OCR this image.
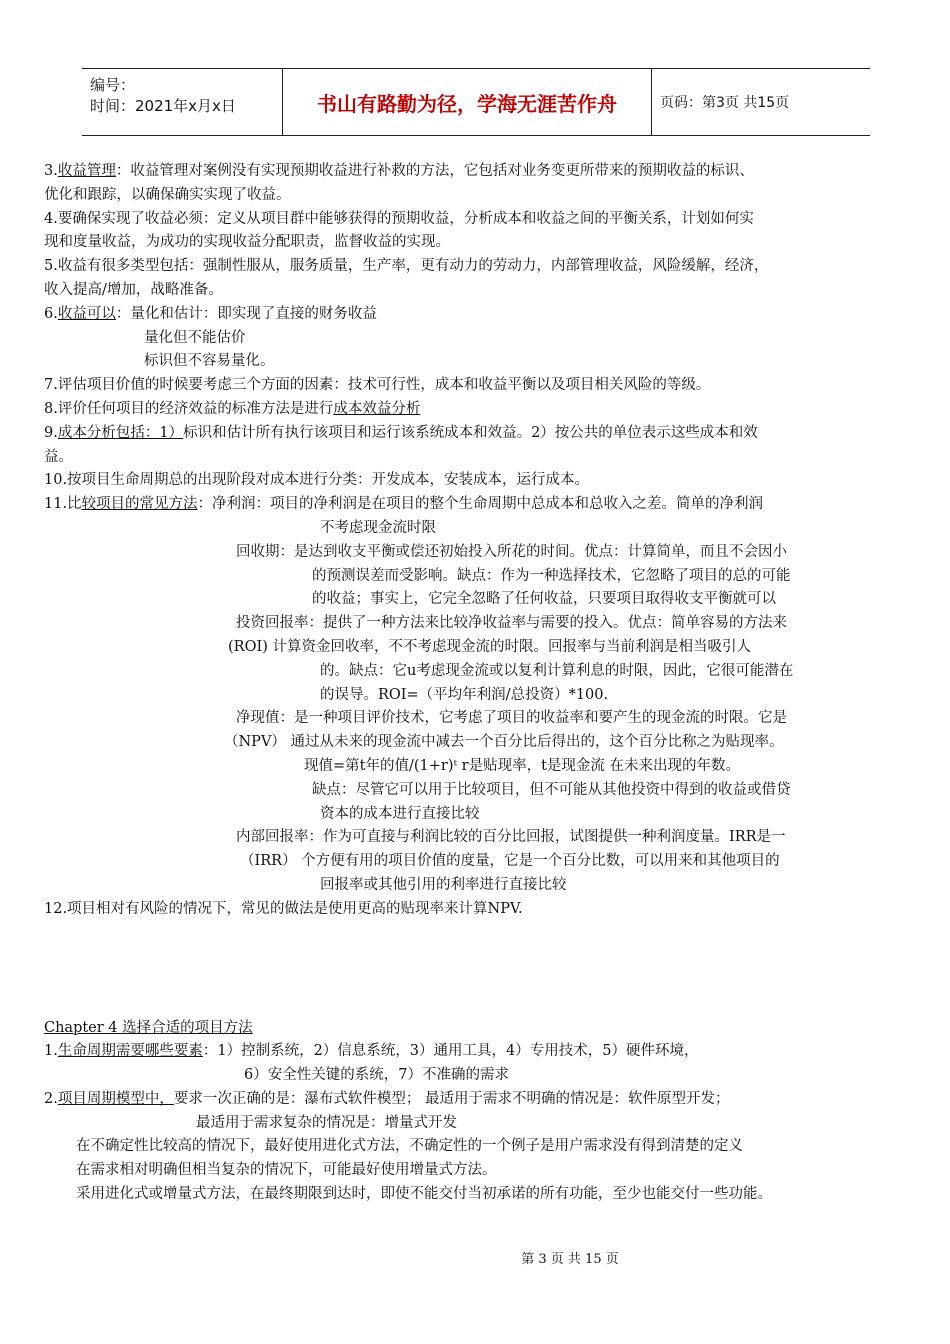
编号：
时间：2021年x月x日	书山有路勤为径，学海无涯苦作舟	页码：第3页 共15页
3.收益管理：收益管理对案例没有实现预期收益进行补救的方法，它包括对业务变更所带来的预期收益的标识、
优化和跟踪，以确保确实实现了收益。
4.要确保实现了收益必须：定义从项目群中能够获得的预期收益，分析成本和收益之间的平衡关系，计划如何实
现和度量收益，为成功的实现收益分配职责，监督收益的实现。
5.收益有很多类型包括：强制性服从，服务质量，生产率，更有动力的劳动力，内部管理收益，风险缓解，经济，
收入提高/增加，战略准备。
6.收益可以：量化和估计：即实现了直接的财务收益
量化但不能估价
标识但不容易量化。
7.评估项目价值的时候要考虑三个方面的因素：技术可行性，成本和收益平衡以及项目相关风险的等级。
8.评价任何项目的经济效益的标准方法是进行成本效益分析
9.成本分析包括：1）标识和估计所有执行该项目和运行该系统成本和效益。2）按公共的单位表示这些成本和效
益。
10.按项目生命周期总的出现阶段对成本进行分类：开发成本，安装成本，运行成本。
11.比较项目的常见方法：净利润：项目的净利润是在项目的整个生命周期中总成本和总收入之差。简单的净利润
不考虑现金流时限
回收期：是达到收支平衡或偿还初始投入所花的时间。优点：计算简单，而且不会因小
的预测误差而受影响。缺点：作为一种选择技术，它忽略了项目的总的可能
的收益；事实上，它完全忽略了任何收益，只要项目取得收支平衡就可以
投资回报率：提供了一种方法来比较净收益率与需要的投入。优点：简单容易的方法来
(ROI) 计算资金回收率，不不考虑现金流的时限。回报率与当前利润是相当吸引人
的。缺点：它u考虑现金流或以复利计算利息的时限，因此，它很可能潜在
的误导。ROI=（平均年利润/总投资）*100.
净现值：是一种项目评价技术，它考虑了项目的收益率和要产生的现金流的时限。它是
（NPV） 通过从未来的现金流中减去一个百分比后得出的，这个百分比称之为贴现率。
现值=第t年的值/(1+r)ᵗ r是贴现率，t是现金流 在未来出现的年数。
缺点：尽管它可以用于比较项目，但不可能从其他投资中得到的收益或借贷
资本的成本进行直接比较
内部回报率：作为可直接与利润比较的百分比回报，试图提供一种利润度量。IRR是一
（IRR） 个方便有用的项目价值的度量，它是一个百分比数，可以用来和其他项目的
回报率或其他引用的利率进行直接比较
12.项目相对有风险的情况下，常见的做法是使用更高的贴现率来计算NPV.
Chapter 4 选择合适的项目方法
1.生命周期需要哪些要素：1）控制系统，2）信息系统，3）通用工具，4）专用技术，5）硬件环境，
6）安全性关键的系统，7）不准确的需求
2.项目周期模型中，要求一次正确的是：瀑布式软件模型； 最适用于需求不明确的情况是：软件原型开发；
最适用于需求复杂的情况是：增量式开发
在不确定性比较高的情况下，最好使用进化式方法，不确定性的一个例子是用户需求没有得到清楚的定义
在需求相对明确但相当复杂的情况下，可能最好使用增量式方法。
采用进化式或增量式方法，在最终期限到达时，即使不能交付当初承诺的所有功能，至少也能交付一些功能。
第 3 页 共 15 页
